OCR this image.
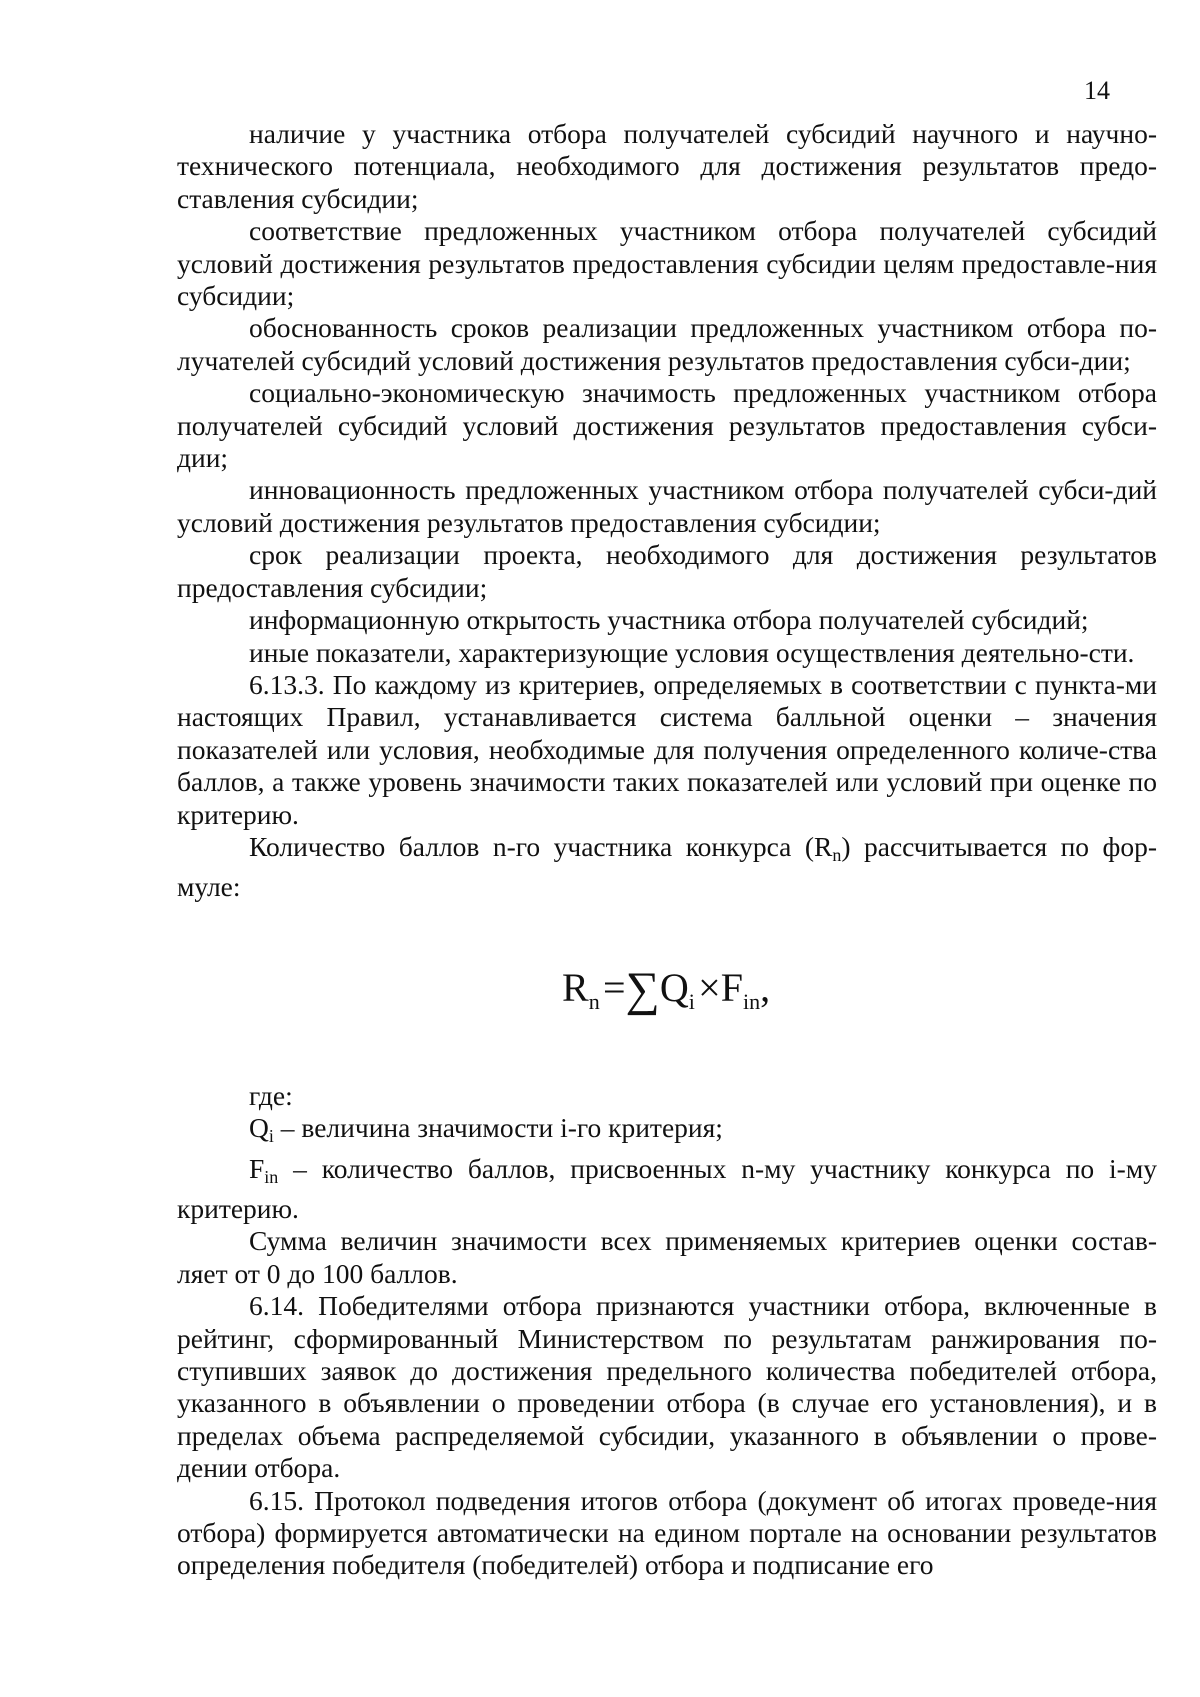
14

наличие у участника отбора получателей субсидий научного и научно-технического потенциала, необходимого для достижения результатов предо-ставления субсидии;

соответствие предложенных участником отбора получателей субсидий условий достижения результатов предоставления субсидии целям предоставле-ния субсидии;

обоснованность сроков реализации предложенных участником отбора по-лучателей субсидий условий достижения результатов предоставления субси-дии;

социально-экономическую значимость предложенных участником отбора получателей субсидий условий достижения результатов предоставления субси-дии;

инновационность предложенных участником отбора получателей субси-дий условий достижения результатов предоставления субсидии;

срок реализации проекта, необходимого для достижения результатов предоставления субсидии;

информационную открытость участника отбора получателей субсидий;

иные показатели, характеризующие условия осуществления деятельно-сти.

6.13.3. По каждому из критериев, определяемых в соответствии с пункта-ми настоящих Правил, устанавливается система балльной оценки – значения показателей или условия, необходимые для получения определенного количе-ства баллов, а также уровень значимости таких показателей или условий при оценке по критерию.

Количество баллов n-го участника конкурса $(R_n)$ рассчитывается по фор-муле:

$R_n$ $=\sum Q_i$ $\times F_{in}$,

где:

$Q_i$ – величина значимости i-го критерия;

$F_{in}$ – количество баллов, присвоенных n-му участнику конкурса по i-му критерию.

Сумма величин значимости всех применяемых критериев оценки состав-ляет от 0 до 100 баллов.

6.14. Победителями отбора признаются участники отбора, включенные в рейтинг, сформированный Министерством по результатам ранжирования по-ступивших заявок до достижения предельного количества победителей отбора, указанного в объявлении о проведении отбора (в случае его установления), и в пределах объема распределяемой субсидии, указанного в объявлении о прове-дении отбора.

6.15. Протокол подведения итогов отбора (документ об итогах проведе-ния отбора) формируется автоматически на едином портале на основании результатов определения победителя (победителей) отбора и подписание его
